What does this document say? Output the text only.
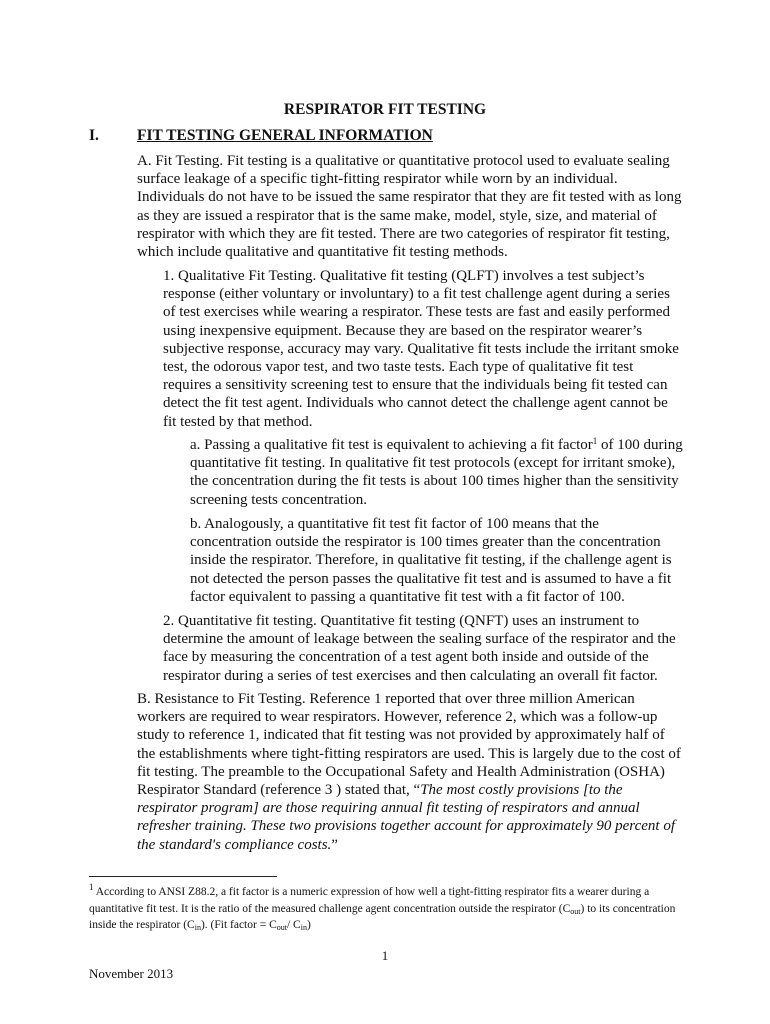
RESPIRATOR FIT TESTING
I. FIT TESTING GENERAL INFORMATION

A. Fit Testing. Fit testing is a qualitative or quantitative protocol used to evaluate sealing surface leakage of a specific tight-fitting respirator while worn by an individual. Individuals do not have to be issued the same respirator that they are fit tested with as long as they are issued a respirator that is the same make, model, style, size, and material of respirator with which they are fit tested. There are two categories of respirator fit testing, which include qualitative and quantitative fit testing methods.

1. Qualitative Fit Testing. Qualitative fit testing (QLFT) involves a test subject’s response (either voluntary or involuntary) to a fit test challenge agent during a series of test exercises while wearing a respirator. These tests are fast and easily performed using inexpensive equipment. Because they are based on the respirator wearer’s subjective response, accuracy may vary. Qualitative fit tests include the irritant smoke test, the odorous vapor test, and two taste tests. Each type of qualitative fit test requires a sensitivity screening test to ensure that the individuals being fit tested can detect the fit test agent. Individuals who cannot detect the challenge agent cannot be fit tested by that method.

a. Passing a qualitative fit test is equivalent to achieving a fit factor$^1$ of 100 during quantitative fit testing. In qualitative fit test protocols (except for irritant smoke), the concentration during the fit tests is about 100 times higher than the sensitivity screening tests concentration.

b. Analogously, a quantitative fit test fit factor of 100 means that the concentration outside the respirator is 100 times greater than the concentration inside the respirator. Therefore, in qualitative fit testing, if the challenge agent is not detected the person passes the qualitative fit test and is assumed to have a fit factor equivalent to passing a quantitative fit test with a fit factor of 100.

2. Quantitative fit testing. Quantitative fit testing (QNFT) uses an instrument to determine the amount of leakage between the sealing surface of the respirator and the face by measuring the concentration of a test agent both inside and outside of the respirator during a series of test exercises and then calculating an overall fit factor.

B. Resistance to Fit Testing. Reference 1 reported that over three million American workers are required to wear respirators. However, reference 2, which was a follow-up study to reference 1, indicated that fit testing was not provided by approximately half of the establishments where tight-fitting respirators are used. This is largely due to the cost of fit testing. The preamble to the Occupational Safety and Health Administration (OSHA) Respirator Standard (reference 3 ) stated that, “The most costly provisions [to the respirator program] are those requiring annual fit testing of respirators and annual refresher training. These two provisions together account for approximately 90 percent of the standard's compliance costs.”

$^1$ According to ANSI Z88.2, a fit factor is a numeric expression of how well a tight-fitting respirator fits a wearer during a quantitative fit test. It is the ratio of the measured challenge agent concentration outside the respirator $(C_{out})$ to its concentration inside the respirator $(C_{in})$. (Fit factor = $C_{out}/$ $C_{in}$)

1
November 2013
